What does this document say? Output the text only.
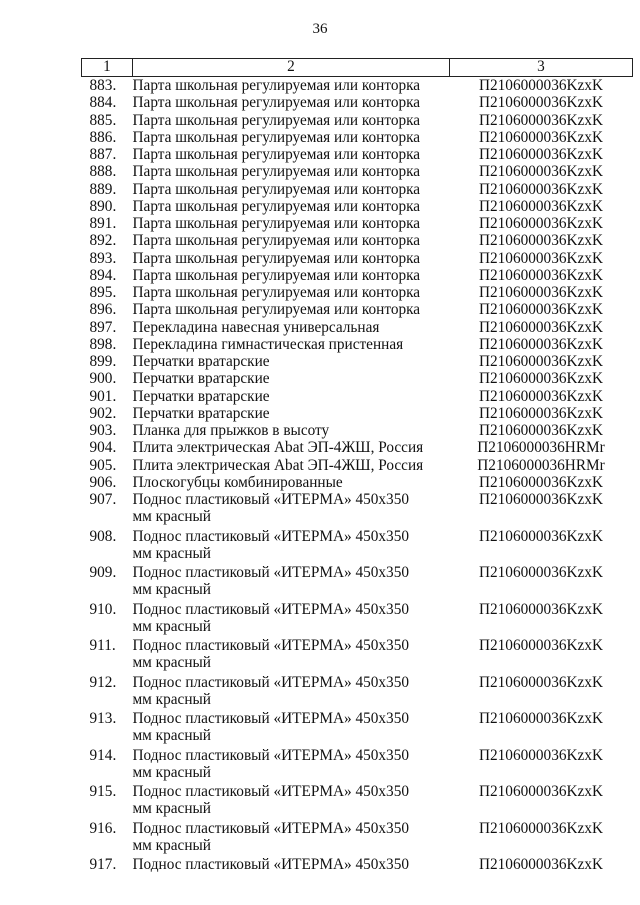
36
1	2	3
883.	Парта школьная регулируемая или конторка	П2106000036KzxK
884.	Парта школьная регулируемая или конторка	П2106000036KzxK
885.	Парта школьная регулируемая или конторка	П2106000036KzxK
886.	Парта школьная регулируемая или конторка	П2106000036KzxK
887.	Парта школьная регулируемая или конторка	П2106000036KzxK
888.	Парта школьная регулируемая или конторка	П2106000036KzxK
889.	Парта школьная регулируемая или конторка	П2106000036KzxK
890.	Парта школьная регулируемая или конторка	П2106000036KzxK
891.	Парта школьная регулируемая или конторка	П2106000036KzxK
892.	Парта школьная регулируемая или конторка	П2106000036KzxK
893.	Парта школьная регулируемая или конторка	П2106000036KzxK
894.	Парта школьная регулируемая или конторка	П2106000036KzxK
895.	Парта школьная регулируемая или конторка	П2106000036KzxK
896.	Парта школьная регулируемая или конторка	П2106000036KzxK
897.	Перекладина навесная универсальная	П2106000036KzxK
898.	Перекладина гимнастическая пристенная	П2106000036KzxK
899.	Перчатки вратарские	П2106000036KzxK
900.	Перчатки вратарские	П2106000036KzxK
901.	Перчатки вратарские	П2106000036KzxK
902.	Перчатки вратарские	П2106000036KzxK
903.	Планка для прыжков в высоту	П2106000036KzxK
904.	Плита электрическая Abat ЭП-4ЖШ, Россия	П2106000036HRMr
905.	Плита электрическая Abat ЭП-4ЖШ, Россия	П2106000036HRMr
906.	Плоскогубцы комбинированные	П2106000036KzxK
907.	Поднос пластиковый «ИТЕРМА» 450х350
мм красный	П2106000036KzxK
908.	Поднос пластиковый «ИТЕРМА» 450х350
мм красный	П2106000036KzxK
909.	Поднос пластиковый «ИТЕРМА» 450х350
мм красный	П2106000036KzxK
910.	Поднос пластиковый «ИТЕРМА» 450х350
мм красный	П2106000036KzxK
911.	Поднос пластиковый «ИТЕРМА» 450х350
мм красный	П2106000036KzxK
912.	Поднос пластиковый «ИТЕРМА» 450х350
мм красный	П2106000036KzxK
913.	Поднос пластиковый «ИТЕРМА» 450х350
мм красный	П2106000036KzxK
914.	Поднос пластиковый «ИТЕРМА» 450х350
мм красный	П2106000036KzxK
915.	Поднос пластиковый «ИТЕРМА» 450х350
мм красный	П2106000036KzxK
916.	Поднос пластиковый «ИТЕРМА» 450х350
мм красный	П2106000036KzxK
917.	Поднос пластиковый «ИТЕРМА» 450х350	П2106000036KzxK
